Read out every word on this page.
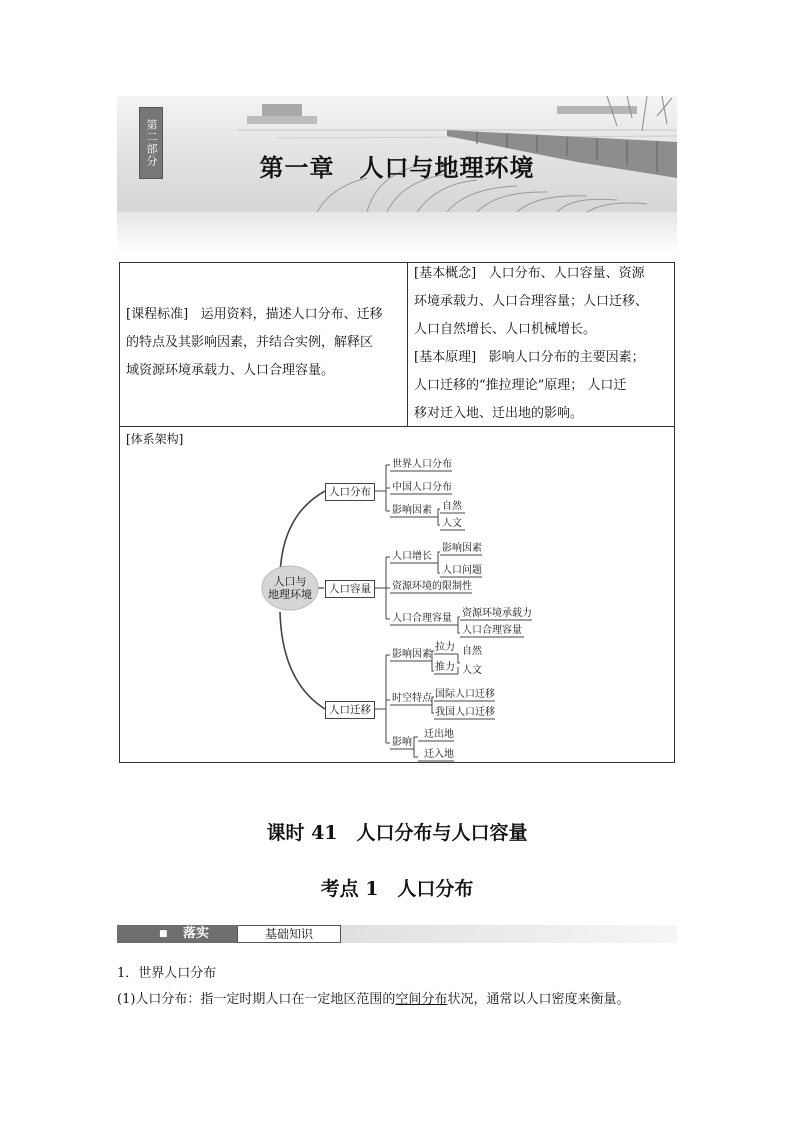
第二部分
第一章　人口与地理环境
[课程标准] 运用资料，描述人口分布、迁移
的特点及其影响因素，并结合实例，解释区
域资源环境承载力、人口合理容量。
[基本概念] 人口分布、人口容量、资源
环境承载力、人口合理容量；人口迁移、
人口自然增长、人口机械增长。
[基本原理] 影响人口分布的主要因素；
人口迁移的“推拉理论”原理； 人口迁
移对迁入地、迁出地的影响。
[体系架构]
人口与
地理环境
人口分布
世界人口分布
中国人口分布
影响因素 自然
人文
人口容量
人口增长
影响因素
人口问题
资源环境的限制性
人口合理容量 资源环境承载力
人口合理容量
人口迁移
影响因素
拉力
推力
自然
人文
时空特点 国际人口迁移
我国人口迁移
影响
迁出地
迁入地
课时 41　人口分布与人口容量
考点 1　人口分布
■ 落实	基础知识
1．世界人口分布
(1)人口分布：指一定时期人口在一定地区范围的空间分布状况，通常以人口密度来衡量。
